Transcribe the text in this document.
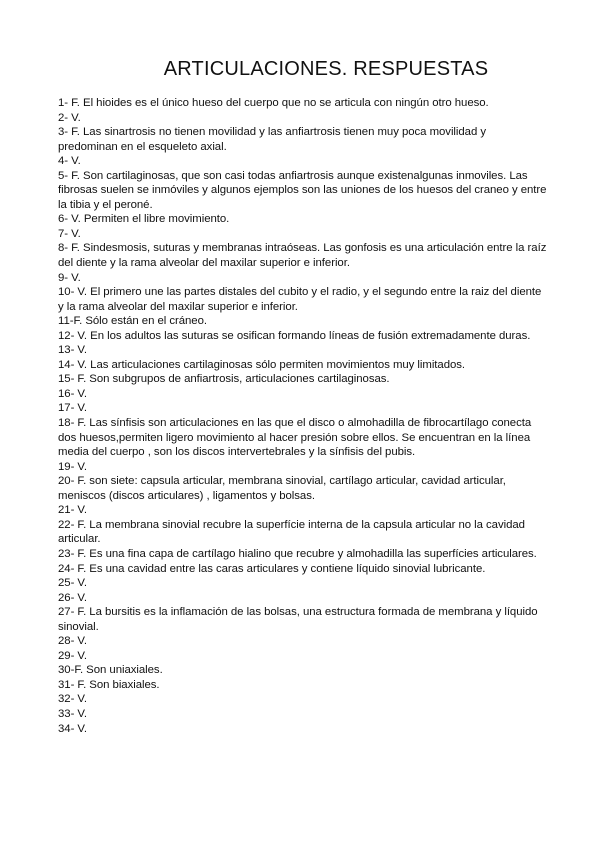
ARTICULACIONES. RESPUESTAS

1- F. El hioides es el único hueso del cuerpo que no se articula con ningún otro hueso.

2- V.

3- F. Las sinartrosis no tienen movilidad y las anfiartrosis tienen muy poca movilidad y predominan en el esqueleto axial.

4- V.

5- F. Son cartilaginosas, que son casi todas anfiartrosis aunque existenalgunas inmoviles. Las fibrosas suelen se inmóviles y algunos ejemplos son las uniones de los huesos del craneo y entre la tibia y el peroné.

6- V. Permiten el libre movimiento.

7- V.

8- F. Sindesmosis, suturas y membranas intraóseas. Las gonfosis es una articulación entre la raíz del diente y la rama alveolar del maxilar superior e inferior.

9- V.

10- V. El primero une las partes distales del cubito y el radio, y el segundo entre la raiz del diente y la rama alveolar del maxilar superior e inferior.

11-F. Sólo están en el cráneo.

12- V. En los adultos las suturas se osifican formando líneas de fusión extremadamente duras.

13- V.

14- V. Las articulaciones cartilaginosas sólo permiten movimientos muy limitados.

15- F. Son subgrupos de anfiartrosis, articulaciones cartilaginosas.

16- V.

17- V.

18- F. Las sínfisis son articulaciones en las que el disco o almohadilla de fibrocartílago conecta dos huesos,permiten ligero movimiento al hacer presión sobre ellos. Se encuentran en la línea media del cuerpo , son los discos intervertebrales y la sínfisis del pubis.

19- V.

20- F. son siete: capsula articular, membrana sinovial, cartílago articular, cavidad articular, meniscos (discos articulares) , ligamentos y bolsas.

21- V.

22- F. La membrana sinovial recubre la superfície interna de la capsula articular no la cavidad articular.

23- F. Es una fina capa de cartílago hialino que recubre y almohadilla las superfícies articulares.

24- F. Es una cavidad entre las caras articulares y contiene líquido sinovial lubricante.

25- V.

26- V.

27- F. La bursitis es la inflamación de las bolsas, una estructura formada de membrana y líquido sinovial.

28- V.

29- V.

30-F. Son uniaxiales.

31- F. Son biaxiales.

32- V.

33- V.

34- V.
